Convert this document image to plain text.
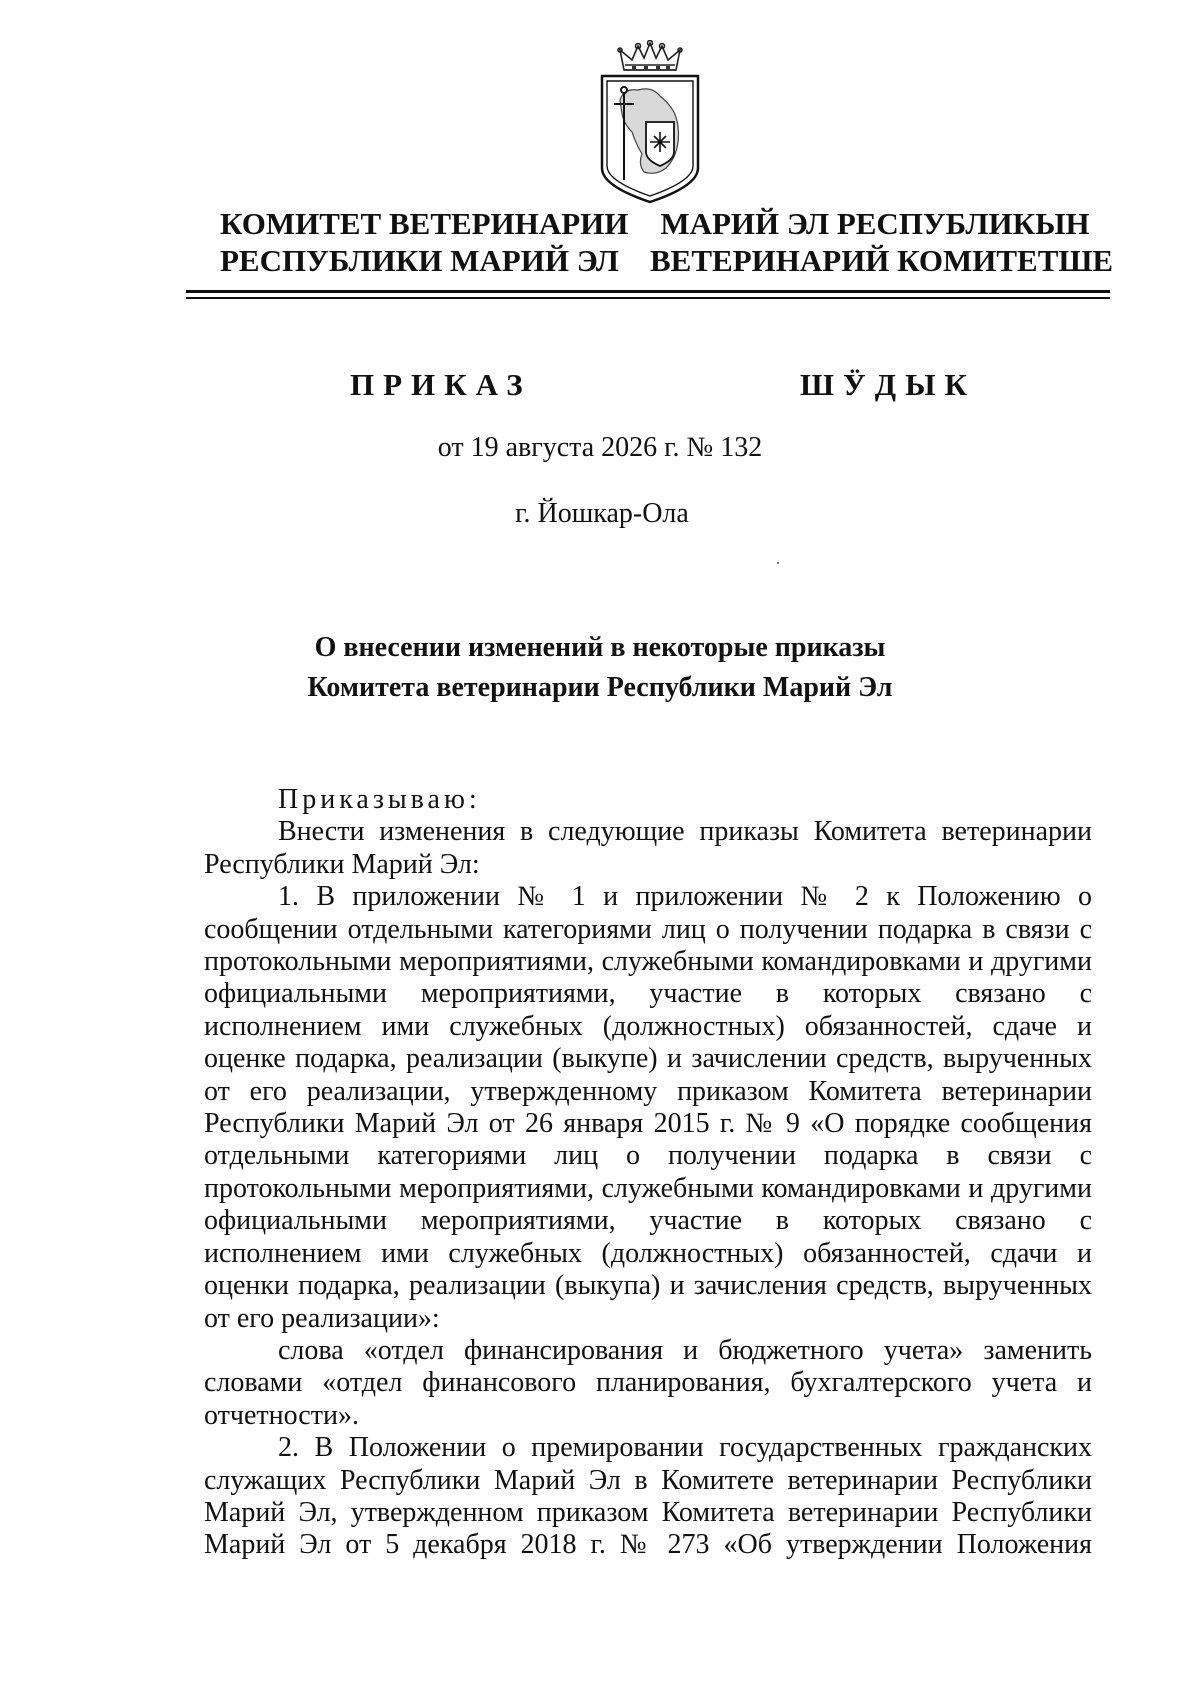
КОМИТЕТ ВЕТЕРИНАРИИ
РЕСПУБЛИКИ МАРИЙ ЭЛ
МАРИЙ ЭЛ РЕСПУБЛИКЫН
ВЕТЕРИНАРИЙ КОМИТЕТШЕ
ПРИКАЗ	ШӰДЫК
от 19 августа 2026 г. № 132
г. Йошкар-Ола
О внесении изменений в некоторые приказы
Комитета ветеринарии Республики Марий Эл

Приказываю:

Внести изменения в следующие приказы Комитета ветеринарии Республики Марий Эл:

1. В приложении № 1 и приложении № 2 к Положению о сообщении отдельными категориями лиц о получении подарка в связи с протокольными мероприятиями, служебными командировками и другими официальными мероприятиями, участие в которых связано с исполнением ими служебных (должностных) обязанностей, сдаче и оценке подарка, реализации (выкупе) и зачислении средств, вырученных от его реализации, утвержденному приказом Комитета ветеринарии Республики Марий Эл от 26 января 2015 г. № 9 «О порядке сообщения отдельными категориями лиц о получении подарка в связи с протокольными мероприятиями, служебными командировками и другими официальными мероприятиями, участие в которых связано с исполнением ими служебных (должностных) обязанностей, сдачи и оценки подарка, реализации (выкупа) и зачисления средств, вырученных от его реализации»:

слова «отдел финансирования и бюджетного учета» заменить словами «отдел финансового планирования, бухгалтерского учета и отчетности».

2. В Положении о премировании государственных гражданских служащих Республики Марий Эл в Комитете ветеринарии Республики Марий Эл, утвержденном приказом Комитета ветеринарии Республики Марий Эл от 5 декабря 2018 г. № 273 «Об утверждении Положения
